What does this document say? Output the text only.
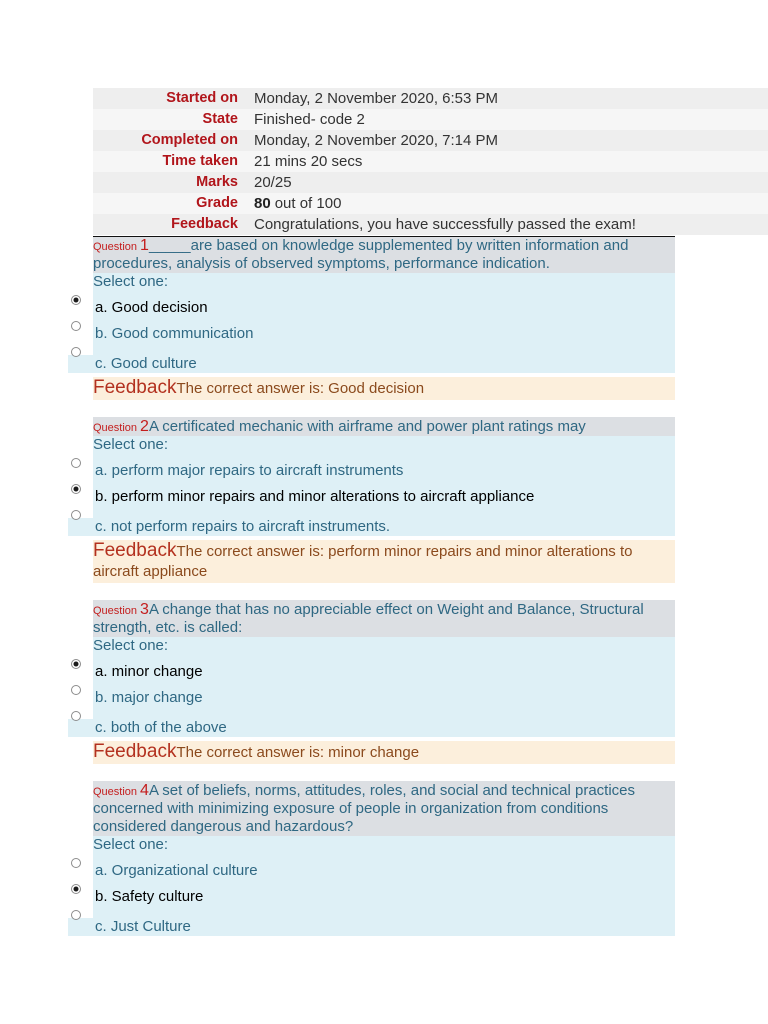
Started on	Monday, 2 November 2020, 6:53 PM
State	Finished- code 2
Completed on	Monday, 2 November 2020, 7:14 PM
Time taken	21 mins 20 secs
Marks	20/25
Grade	80 out of 100
Feedback	Congratulations, you have successfully passed the exam!
Question 1_____are based on knowledge supplemented by written information and procedures, analysis of observed symptoms, performance indication.
Select one:
a. Good decision
b. Good communication
c. Good culture
FeedbackThe correct answer is: Good decision
Question 2A certificated mechanic with airframe and power plant ratings may
Select one:
a. perform major repairs to aircraft instruments
b. perform minor repairs and minor alterations to aircraft appliance
c. not perform repairs to aircraft instruments.
FeedbackThe correct answer is: perform minor repairs and minor alterations to aircraft appliance
Question 3A change that has no appreciable effect on Weight and Balance, Structural strength, etc. is called:
Select one:
a. minor change
b. major change
c. both of the above
FeedbackThe correct answer is: minor change
Question 4A set of beliefs, norms, attitudes, roles, and social and technical practices concerned with minimizing exposure of people in organization from conditions considered dangerous and hazardous?
Select one:
a. Organizational culture
b. Safety culture
c. Just Culture
